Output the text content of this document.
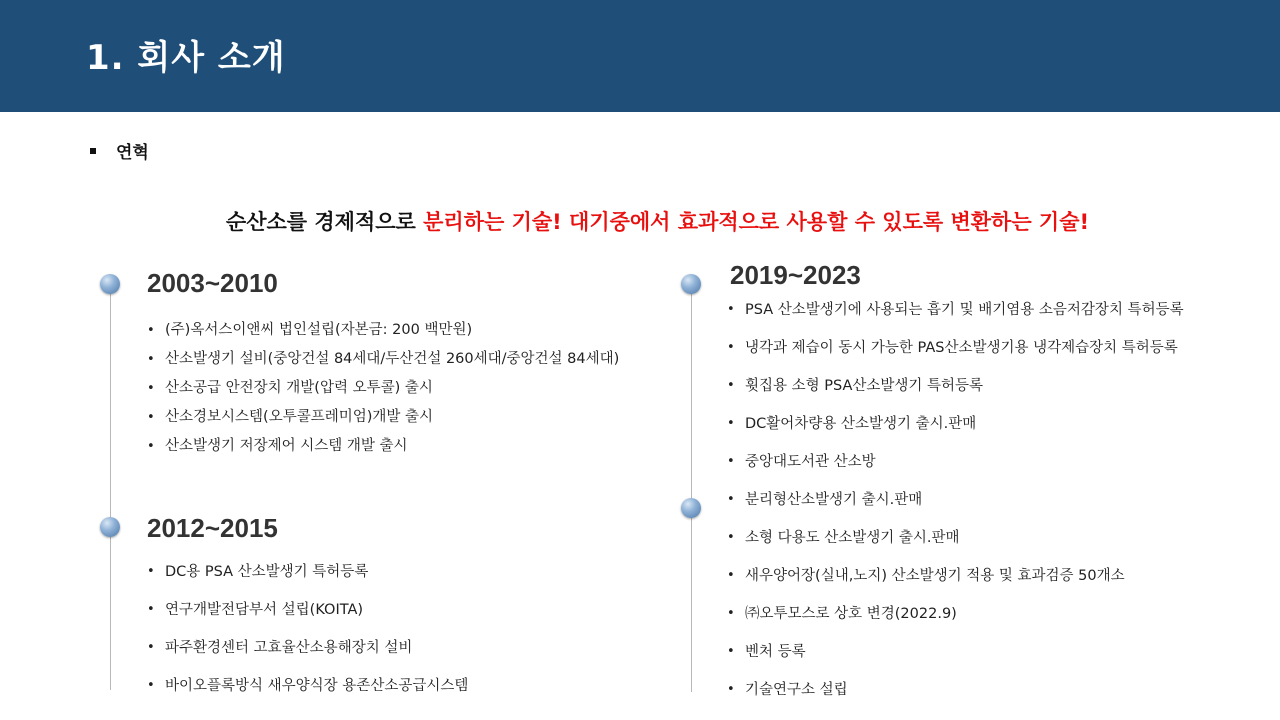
1. 회사 소개
연혁
순산소를 경제적으로 분리하는 기술! 대기중에서 효과적으로 사용할 수 있도록 변환하는 기술!
2003~2010
• (주)옥서스이앤씨 법인설립(자본금: 200 백만원)
• 산소발생기 설비(중앙건설 84세대/두산건설 260세대/중앙건설 84세대)
• 산소공급 안전장치 개발(압력 오투콜) 출시
• 산소경보시스템(오투콜프레미엄)개발 출시
• 산소발생기 저장제어 시스템 개발 출시
2012~2015
• DC용 PSA 산소발생기 특허등록
• 연구개발전담부서 설립(KOITA)
• 파주환경센터 고효율산소용해장치 설비
• 바이오플록방식 새우양식장 용존산소공급시스템
2019~2023
• PSA 산소발생기에 사용되는 흡기 및 배기염용 소음저감장치 특허등록
• 냉각과 제습이 동시 가능한 PAS산소발생기용 냉각제습장치 특허등록
• 휫집용 소형 PSA산소발생기 특허등록
• DC활어차량용 산소발생기 출시.판매
• 중앙대도서관 산소방
• 분리형산소발생기 출시.판매
• 소형 다용도 산소발생기 출시.판매
• 새우양어장(실내,노지) 산소발생기 적용 및 효과검증 50개소
• ㈜오투모스로 상호 변경(2022.9)
• 벤처 등록
• 기술연구소 설립
